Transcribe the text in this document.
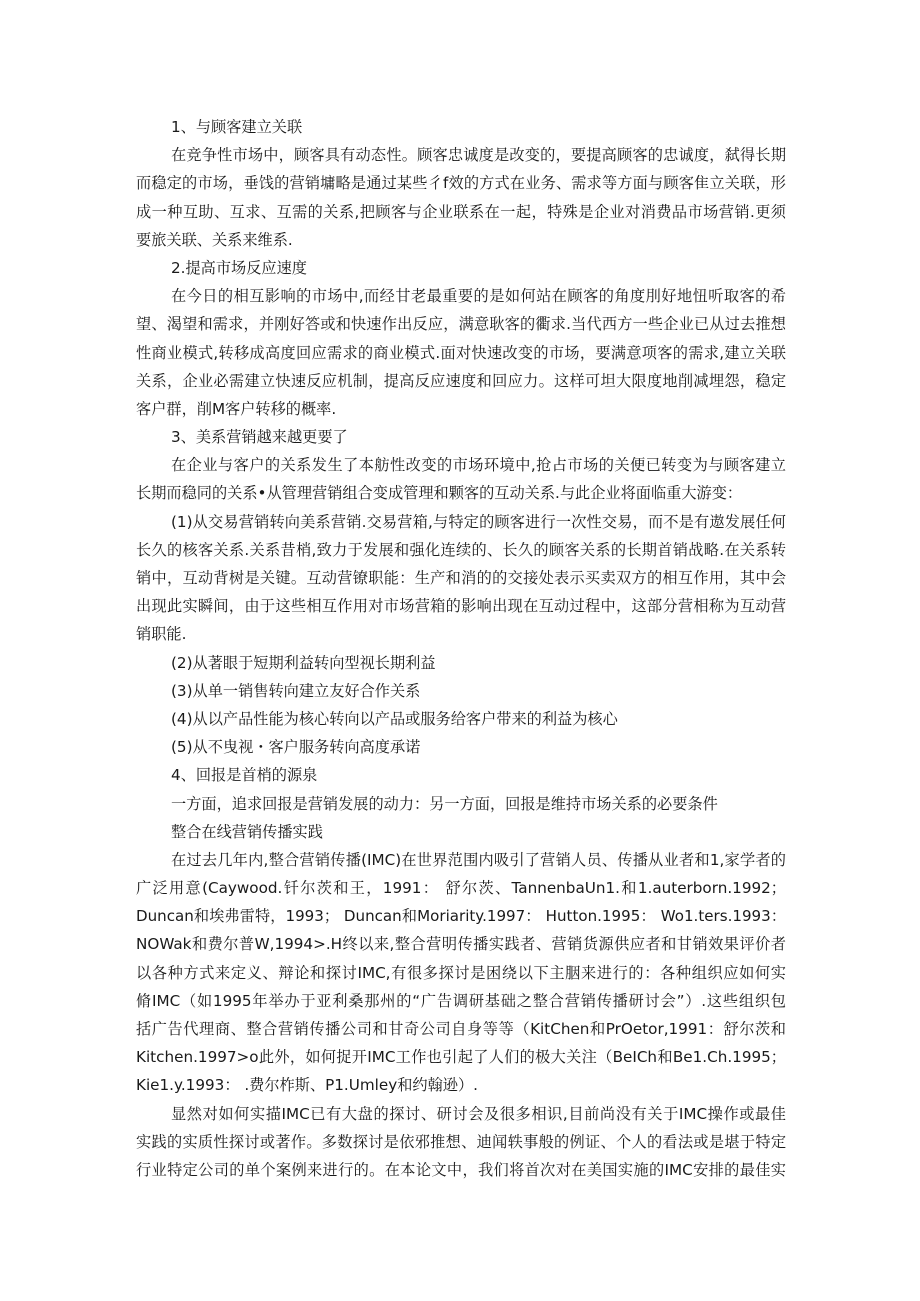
1、与顾客建立关联
在竞争性市场中，顾客具有动态性。顾客忠诚度是改变的，要提高顾客的忠诚度，弑得长期
而稳定的市场，垂饯的营销墉略是通过某些彳f效的方式在业务、需求等方面与顾客隹立关联，形
成一种互助、互求、互需的关系,把顾客与企业联系在一起，特殊是企业对消费品市场营销.更须
要旅关联、关系来维系.
2.提高市场反应速度
在今日的相互影响的市场中,而经甘老最重要的是如何站在顾客的角度刖好地忸听取客的希
望、渴望和需求，并刚好答或和快速作出反应，满意耿客的衢求.当代西方一些企业已从过去推想
性商业模式,转移成高度回应需求的商业模式.面对快速改变的市场，要满意项客的需求,建立关联
关系，企业必需建立快速反应机制，提高反应速度和回应力。这样可坦大限度地削减埋怨，稳定
客户群，削M客户转移的概率.
3、美系营销越来越更要了
在企业与客户的关系发生了本舫性改变的市场环境中,抢占市场的关便已转变为与顾客建立
长期而稳同的关系•从管理营销组合变成管理和颗客的互动关系.与此企业将面临重大游变：
(1)从交易营销转向美系营销.交易营箱,与特定的顾客进行一次性交易，而不是有遨发展任何
长久的核客关系.关系昔梢,致力于发展和强化连续的、长久的顾客关系的长期首销战略.在关系转
销中，互动背树是关键。互动营镣职能：生产和消的的交接处表示买卖双方的相互作用，其中会
出现此实瞬间，由于这些相互作用对市场营箱的影响出现在互动过程中，这部分营相称为互动营
销职能.
(2)从著眼于短期利益转向型视长期利益
(3)从单一销售转向建立友好合作关系
(4)从以产品性能为核心转向以产品或服务给客户带来的利益为核心
(5)从不曳视・客户服务转向高度承诺
4、回报是首梢的源泉
一方面，追求回报是营销发展的动力：另一方面，回报是维持市场关系的必要条件
整合在线营销传播实践
在过去几年内,整合营销传播(IMC)在世界范围内吸引了营销人员、传播从业者和1,家学者的
广泛用意(Caywood.钎尔茨和王，1991： 舒尔茨、TannenbaUn1.和1.auterborn.1992；
Duncan和埃弗雷特，1993； Duncan和Moriarity.1997： Hutton.1995： Wo1.ters.1993：
NOWak和费尔普W,1994>.H终以来,整合营明传播实践者、营销货源供应者和甘销效果评价者
以各种方式来定义、辩论和探讨IMC,有很多探讨是困绕以下主胭来进行的：各种组织应如何实
脩IMC（如1995年举办于亚利桑那州的“广告调研基础之整合营销传播研讨会”）.这些组织包
括广告代理商、整合营销传播公司和甘奇公司自身等等（KitChen和PrOetor,1991：舒尔茨和
Kitchen.1997>o此外，如何捉开IMC工作也引起了人们的极大关注（BeICh和Be1.Ch.1995；
Kie1.y.1993： .费尔柞斯、P1.Umley和约翰逊）.
显然对如何实描IMC已有大盘的探讨、研讨会及很多相识,目前尚没有关于IMC操作或最佳
实践的实质性探讨或著作。多数探讨是依邪推想、迪闻轶事般的例证、个人的看法或是堪于特定
行业特定公司的单个案例来进行的。在本论文中，我们将首次对在美国实施的IMC安排的最佳实
